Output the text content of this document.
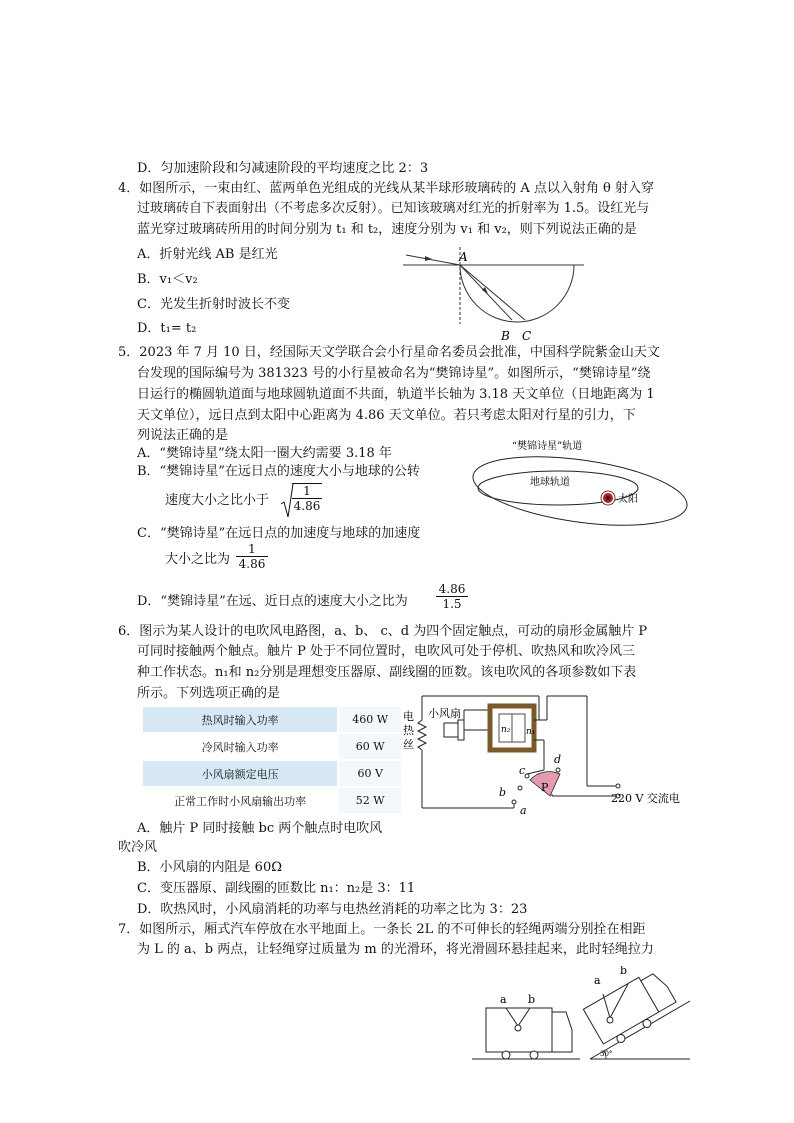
D．匀加速阶段和匀减速阶段的平均速度之比 2：3
4．如图所示，一束由红、蓝两单色光组成的光线从某半球形玻璃砖的 A 点以入射角 θ 射入穿
过玻璃砖自下表面射出（不考虑多次反射）。已知该玻璃对红光的折射率为 1.5。设红光与
蓝光穿过玻璃砖所用的时间分别为 t₁ 和 t₂，速度分别为 v₁ 和 v₂，则下列说法正确的是
A．折射光线 AB 是红光
B．v₁＜v₂
C．光发生折射时波长不变
D．t₁= t₂
A
B C
5．2023 年 7 月 10 日，经国际天文学联合会小行星命名委员会批准，中国科学院紫金山天文
台发现的国际编号为 381323 号的小行星被命名为“樊锦诗星”。如图所示，“樊锦诗星”绕
日运行的椭圆轨道面与地球圆轨道面不共面，轨道半长轴为 3.18 天文单位（日地距离为 1
天文单位），远日点到太阳中心距离为 4.86 天文单位。若只考虑太阳对行星的引力，下
列说法正确的是
A．“樊锦诗星”绕太阳一圈大约需要 3.18 年
B．“樊锦诗星”在远日点的速度大小与地球的公转
速度大小之比小于 $\frac{1}{4.86}$
C．“樊锦诗星”在远日点的加速度与地球的加速度
大小之比为 $\frac{1}{4.86}$
D．“樊锦诗星”在远、近日点的速度大小之比为 $\frac{4.86}{1.5}$
“樊锦诗星”轨道
地球轨道
太阳
6．图示为某人设计的电吹风电路图，a、b、 c、d 为四个固定触点，可动的扇形金属触片 P
可同时接触两个触点。触片 P 处于不同位置时，电吹风可处于停机、吹热风和吹冷风三
种工作状态。n₁和 n₂分别是理想变压器原、副线圈的匝数。该电吹风的各项参数如下表
所示。下列选项正确的是
热风时输入功率	460 W
冷风时输入功率	60 W
小风扇额定电压	60 V
正常工作时小风扇输出功率	52 W
小风扇
电
热
丝
n₂ n₁
a
b
c
d
P
220 V 交流电
A．触片 P 同时接触 bc 两个触点时电吹风
吹冷风
B．小风扇的内阻是 60Ω
C．变压器原、副线圈的匝数比 n₁：n₂是 3：11
D．吹热风时，小风扇消耗的功率与电热丝消耗的功率之比为 3：23
7．如图所示，厢式汽车停放在水平地面上。一条长 2L 的不可伸长的轻绳两端分别拴在相距
为 L 的 a、b 两点，让轻绳穿过质量为 m 的光滑环，将光滑圆环悬挂起来，此时轻绳拉力
a b
a
b
30°
